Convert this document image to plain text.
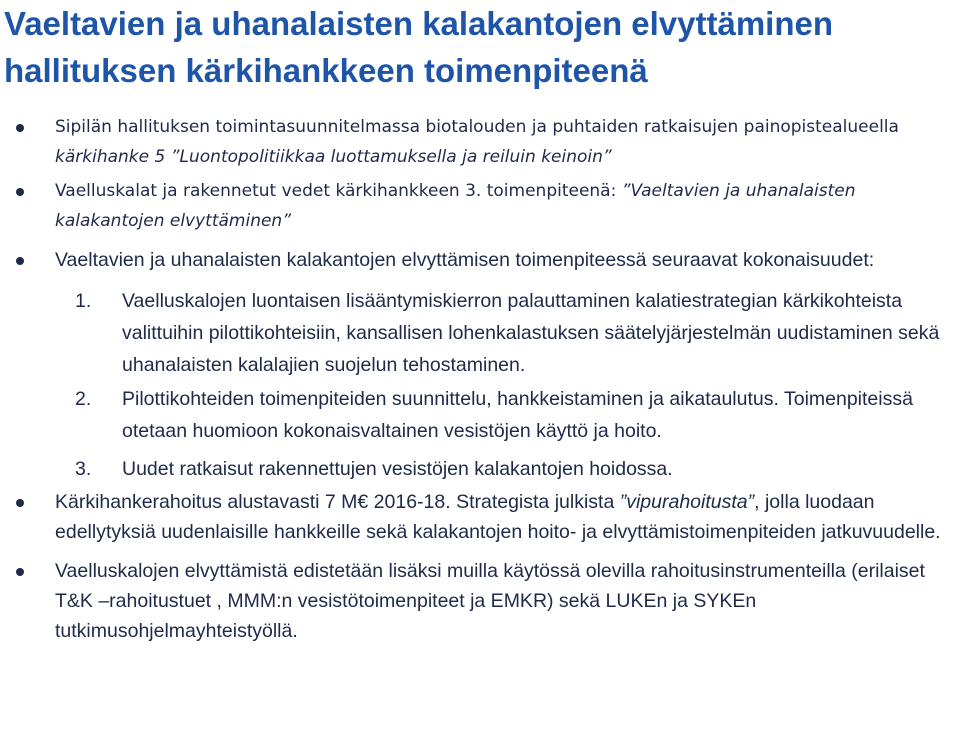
Vaeltavien ja uhanalaisten kalakantojen elvyttäminen
hallituksen kärkihankkeen toimenpiteenä
Sipilän hallituksen toimintasuunnitelmassa biotalouden ja puhtaiden ratkaisujen painopistealueella kärkihanke 5 ”Luontopolitiikkaa luottamuksella ja reiluin keinoin”
Vaelluskalat ja rakennetut vedet kärkihankkeen 3. toimenpiteenä: ”Vaeltavien ja uhanalaisten kalakantojen elvyttäminen”
Vaeltavien ja uhanalaisten kalakantojen elvyttämisen toimenpiteessä seuraavat kokonaisuudet:
1. Vaelluskalojen luontaisen lisääntymiskierron palauttaminen kalatiestrategian kärkikohteista valittuihin pilottikohteisiin, kansallisen lohenkalastuksen säätelyjärjestelmän uudistaminen sekä uhanalaisten kalalajien suojelun tehostaminen.
2. Pilottikohteiden toimenpiteiden suunnittelu, hankkeistaminen ja aikataulutus. Toimenpiteissä otetaan huomioon kokonaisvaltainen vesistöjen käyttö ja hoito.
3. Uudet ratkaisut rakennettujen vesistöjen kalakantojen hoidossa.
Kärkihankerahoitus alustavasti 7 M€ 2016-18. Strategista julkista ”vipurahoitusta”, jolla luodaan edellytyksiä uudenlaisille hankkeille sekä kalakantojen hoito- ja elvyttämistoimenpiteiden jatkuvuudelle.
Vaelluskalojen elvyttämistä edistetään lisäksi muilla käytössä olevilla rahoitusinstrumenteilla (erilaiset T&K –rahoitustuet , MMM:n vesistötoimenpiteet ja EMKR) sekä LUKEn ja SYKEn tutkimusohjelmayhteistyöllä.
